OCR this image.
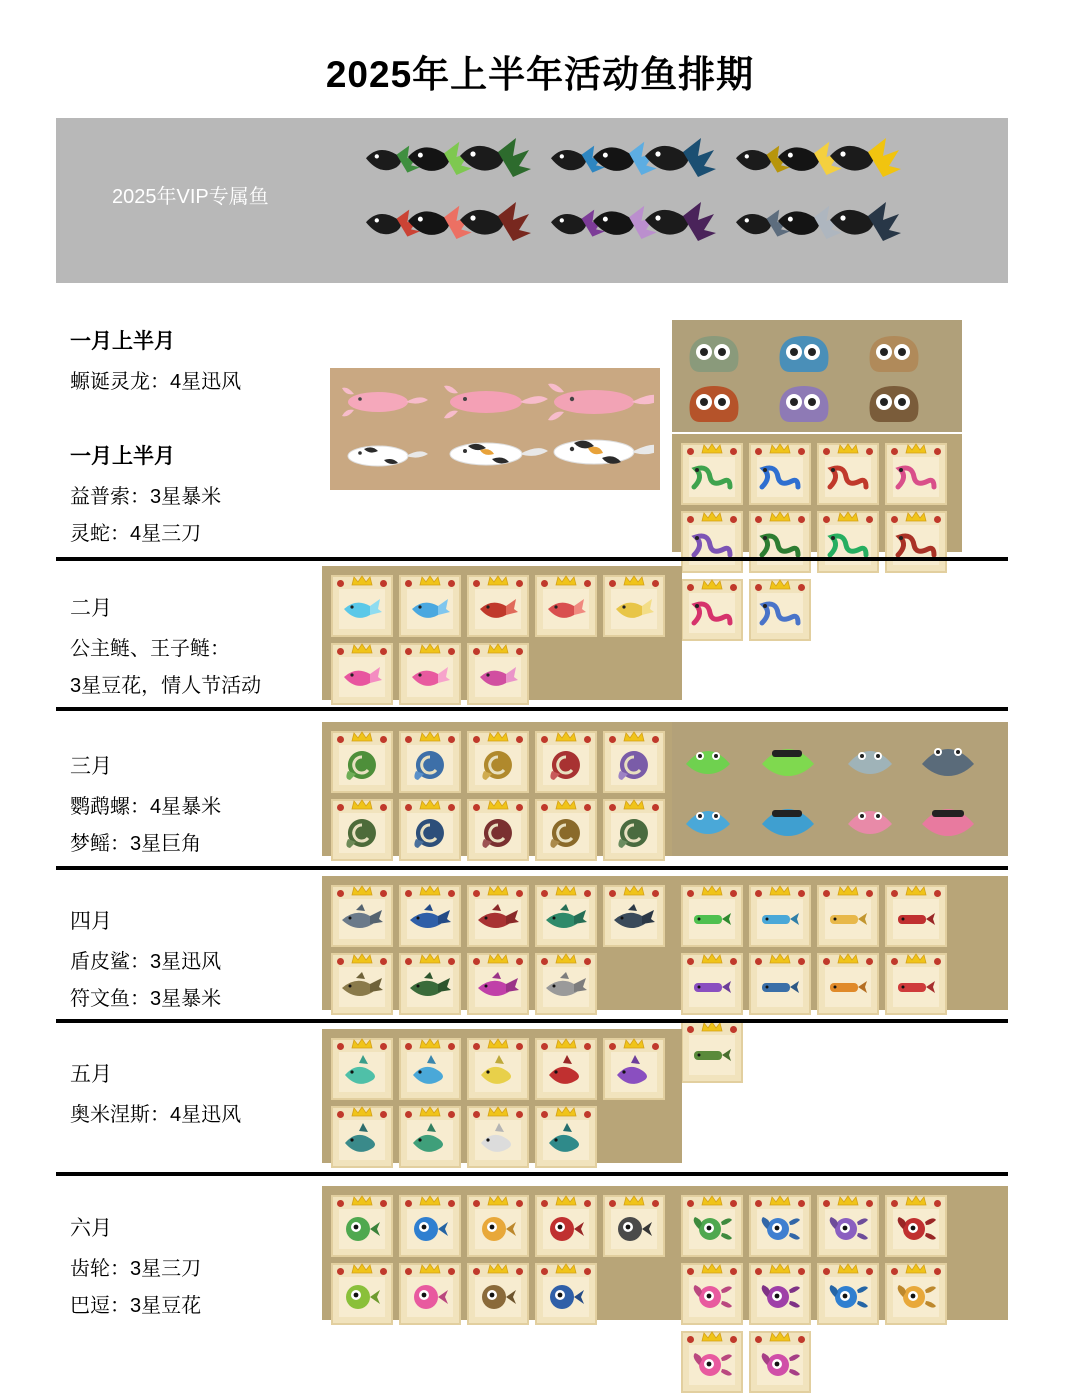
2025年上半年活动鱼排期
2025年VIP专属鱼
一月上半月
螈诞灵龙：4星迅风
一月上半月
益普索：3星暴米
灵蛇：4星三刀
二月
公主鲢、王子鲢：
3星豆花，情人节活动
三月
鹦鹉螺：4星暴米
梦鳐：3星巨角
四月
盾皮鲨：3星迅风
符文鱼：3星暴米
五月
奥米涅斯：4星迅风
六月
齿轮：3星三刀
巴逗：3星豆花
